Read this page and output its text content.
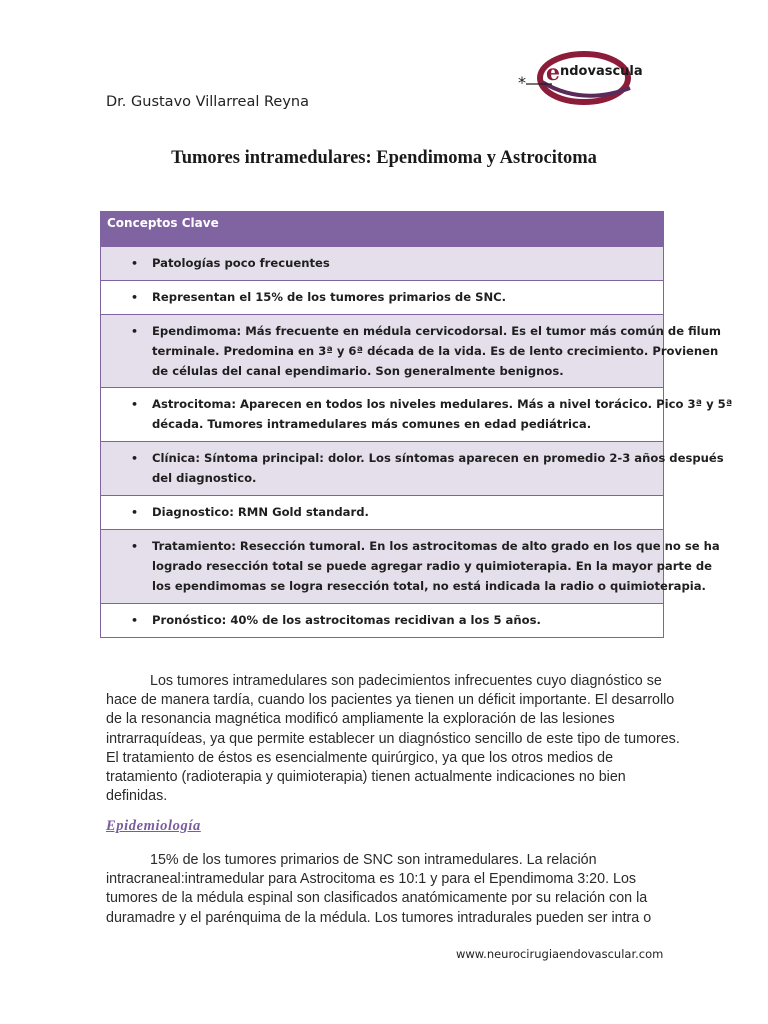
Dr. Gustavo Villarreal Reyna
* e ndovascular
Tumores intramedulares: Ependimoma y Astrocitoma
Conceptos Clave
• Patologías poco frecuentes
• Representan el 15% de los tumores primarios de SNC.
• Ependimoma: Más frecuente en médula cervicodorsal. Es el tumor más común de filum
terminale. Predomina en 3ª y 6ª década de la vida. Es de lento crecimiento. Provienen
de células del canal ependimario. Son generalmente benignos.
• Astrocitoma: Aparecen en todos los niveles medulares. Más a nivel torácico. Pico 3ª y 5ª
década. Tumores intramedulares más comunes en edad pediátrica.
• Clínica: Síntoma principal: dolor. Los síntomas aparecen en promedio 2-3 años después
del diagnostico.
• Diagnostico: RMN Gold standard.
• Tratamiento: Resección tumoral. En los astrocitomas de alto grado en los que no se ha
logrado resección total se puede agregar radio y quimioterapia. En la mayor parte de
los ependimomas se logra resección total, no está indicada la radio o quimioterapia.
• Pronóstico: 40% de los astrocitomas recidivan a los 5 años.
Los tumores intramedulares son padecimientos infrecuentes cuyo diagnóstico se
hace de manera tardía, cuando los pacientes ya tienen un déficit importante. El desarrollo
de la resonancia magnética modificó ampliamente la exploración de las lesiones
intrarraquídeas, ya que permite establecer un diagnóstico sencillo de este tipo de tumores.
El tratamiento de éstos es esencialmente quirúrgico, ya que los otros medios de
tratamiento (radioterapia y quimioterapia) tienen actualmente indicaciones no bien
definidas.
Epidemiología
15% de los tumores primarios de SNC son intramedulares. La relación
intracraneal:intramedular para Astrocitoma es 10:1 y para el Ependimoma 3:20. Los
tumores de la médula espinal son clasificados anatómicamente por su relación con la
duramadre y el parénquima de la médula. Los tumores intradurales pueden ser intra o
www.neurocirugiaendovascular.com
